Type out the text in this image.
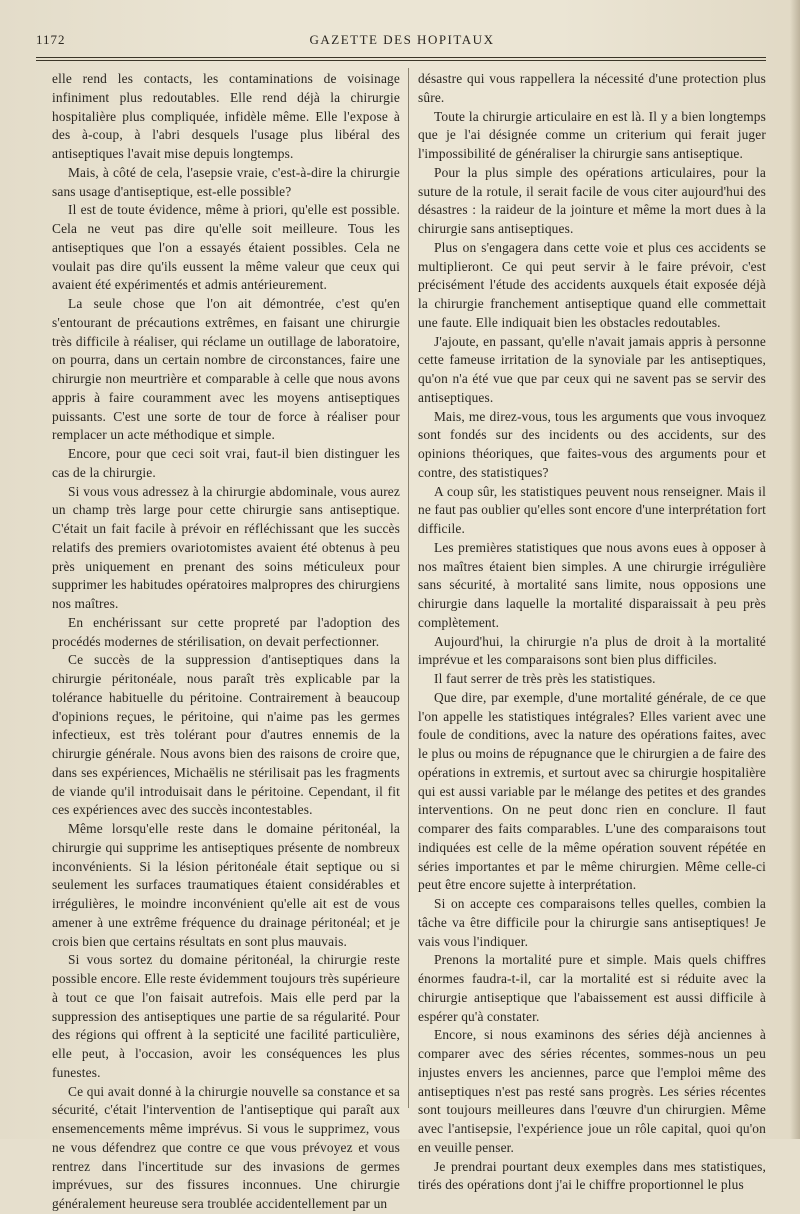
1172	GAZETTE DES HOPITAUX

elle rend les contacts, les contaminations de voisinage infiniment plus redoutables. Elle rend déjà la chirurgie hospitalière plus compliquée, infidèle même. Elle l'expose à des à-coup, à l'abri desquels l'usage plus libéral des antiseptiques l'avait mise depuis longtemps.

Mais, à côté de cela, l'asepsie vraie, c'est-à-dire la chirurgie sans usage d'antiseptique, est-elle possible?

Il est de toute évidence, même à priori, qu'elle est possible. Cela ne veut pas dire qu'elle soit meilleure. Tous les antiseptiques que l'on a essayés étaient possibles. Cela ne voulait pas dire qu'ils eussent la même valeur que ceux qui avaient été expérimentés et admis antérieurement.

La seule chose que l'on ait démontrée, c'est qu'en s'entourant de précautions extrêmes, en faisant une chirurgie très difficile à réaliser, qui réclame un outillage de laboratoire, on pourra, dans un certain nombre de circonstances, faire une chirurgie non meurtrière et comparable à celle que nous avons appris à faire couramment avec les moyens antiseptiques puissants. C'est une sorte de tour de force à réaliser pour remplacer un acte méthodique et simple.

Encore, pour que ceci soit vrai, faut-il bien distinguer les cas de la chirurgie.

Si vous vous adressez à la chirurgie abdominale, vous aurez un champ très large pour cette chirurgie sans antiseptique. C'était un fait facile à prévoir en réfléchissant que les succès relatifs des premiers ovariotomistes avaient été obtenus à peu près uniquement en prenant des soins méticuleux pour supprimer les habitudes opératoires malpropres des chirurgiens nos maîtres.

En enchérissant sur cette propreté par l'adoption des procédés modernes de stérilisation, on devait perfectionner.

Ce succès de la suppression d'antiseptiques dans la chirurgie péritonéale, nous paraît très explicable par la tolérance habituelle du péritoine. Contrairement à beaucoup d'opinions reçues, le péritoine, qui n'aime pas les germes infectieux, est très tolérant pour d'autres ennemis de la chirurgie générale. Nous avons bien des raisons de croire que, dans ses expériences, Michaëlis ne stérilisait pas les fragments de viande qu'il introduisait dans le péritoine. Cependant, il fit ces expériences avec des succès incontestables.

Même lorsqu'elle reste dans le domaine péritonéal, la chirurgie qui supprime les antiseptiques présente de nombreux inconvénients. Si la lésion péritonéale était septique ou si seulement les surfaces traumatiques étaient considérables et irrégulières, le moindre inconvénient qu'elle ait est de vous amener à une extrême fréquence du drainage péritonéal; et je crois bien que certains résultats en sont plus mauvais.

Si vous sortez du domaine péritonéal, la chirurgie reste possible encore. Elle reste évidemment toujours très supérieure à tout ce que l'on faisait autrefois. Mais elle perd par la suppression des antiseptiques une partie de sa régularité. Pour des régions qui offrent à la septicité une facilité particulière, elle peut, à l'occasion, avoir les conséquences les plus funestes.

Ce qui avait donné à la chirurgie nouvelle sa constance et sa sécurité, c'était l'intervention de l'antiseptique qui paraît aux ensemencements même imprévus. Si vous le supprimez, vous ne vous défendrez que contre ce que vous prévoyez et vous rentrez dans l'incertitude sur des invasions de germes imprévues, sur des fissures inconnues. Une chirurgie généralement heureuse sera troublée accidentellement par un

désastre qui vous rappellera la nécessité d'une protection plus sûre.

Toute la chirurgie articulaire en est là. Il y a bien longtemps que je l'ai désignée comme un criterium qui ferait juger l'impossibilité de généraliser la chirurgie sans antiseptique.

Pour la plus simple des opérations articulaires, pour la suture de la rotule, il serait facile de vous citer aujourd'hui des désastres : la raideur de la jointure et même la mort dues à la chirurgie sans antiseptiques.

Plus on s'engagera dans cette voie et plus ces accidents se multiplieront. Ce qui peut servir à le faire prévoir, c'est précisément l'étude des accidents auxquels était exposée déjà la chirurgie franchement antiseptique quand elle commettait une faute. Elle indiquait bien les obstacles redoutables.

J'ajoute, en passant, qu'elle n'avait jamais appris à personne cette fameuse irritation de la synoviale par les antiseptiques, qu'on n'a été vue que par ceux qui ne savent pas se servir des antiseptiques.

Mais, me direz-vous, tous les arguments que vous invoquez sont fondés sur des incidents ou des accidents, sur des opinions théoriques, que faites-vous des arguments pour et contre, des statistiques?

A coup sûr, les statistiques peuvent nous renseigner. Mais il ne faut pas oublier qu'elles sont encore d'une interprétation fort difficile.

Les premières statistiques que nous avons eues à opposer à nos maîtres étaient bien simples. A une chirurgie irrégulière sans sécurité, à mortalité sans limite, nous opposions une chirurgie dans laquelle la mortalité disparaissait à peu près complètement.

Aujourd'hui, la chirurgie n'a plus de droit à la mortalité imprévue et les comparaisons sont bien plus difficiles.

Il faut serrer de très près les statistiques.

Que dire, par exemple, d'une mortalité générale, de ce que l'on appelle les statistiques intégrales? Elles varient avec une foule de conditions, avec la nature des opérations faites, avec le plus ou moins de répugnance que le chirurgien a de faire des opérations in extremis, et surtout avec sa chirurgie hospitalière qui est aussi variable par le mélange des petites et des grandes interventions. On ne peut donc rien en conclure. Il faut comparer des faits comparables. L'une des comparaisons tout indiquées est celle de la même opération souvent répétée en séries importantes et par le même chirurgien. Même celle-ci peut être encore sujette à interprétation.

Si on accepte ces comparaisons telles quelles, combien la tâche va être difficile pour la chirurgie sans antiseptiques! Je vais vous l'indiquer.

Prenons la mortalité pure et simple. Mais quels chiffres énormes faudra-t-il, car la mortalité est si réduite avec la chirurgie antiseptique que l'abaissement est aussi difficile à espérer qu'à constater.

Encore, si nous examinons des séries déjà anciennes à comparer avec des séries récentes, sommes-nous un peu injustes envers les anciennes, parce que l'emploi même des antiseptiques n'est pas resté sans progrès. Les séries récentes sont toujours meilleures dans l'œuvre d'un chirurgien. Même avec l'antisepsie, l'expérience joue un rôle capital, quoi qu'on en veuille penser.

Je prendrai pourtant deux exemples dans mes statistiques, tirés des opérations dont j'ai le chiffre proportionnel le plus
